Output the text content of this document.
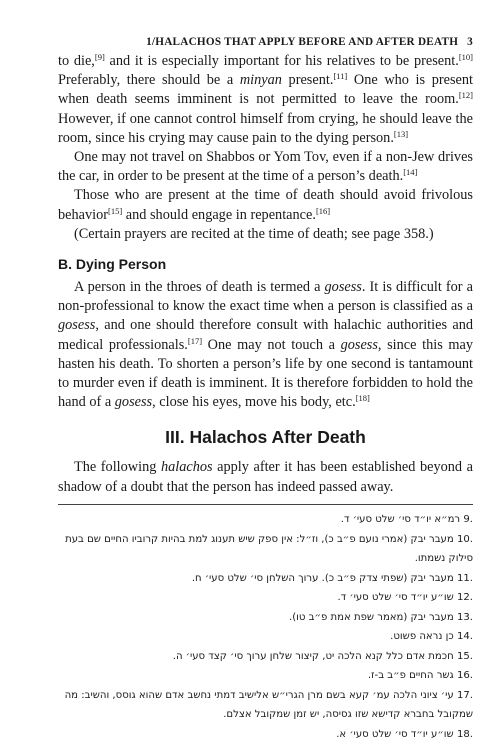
1/HALACHOS THAT APPLY BEFORE AND AFTER DEATH 3

to die,[9] and it is especially important for his relatives to be present.[10] Preferably, there should be a minyan present.[11] One who is present when death seems imminent is not permitted to leave the room.[12] However, if one cannot control himself from crying, he should leave the room, since his crying may cause pain to the dying person.[13]

One may not travel on Shabbos or Yom Tov, even if a non-Jew drives the car, in order to be present at the time of a person’s death.[14]

Those who are present at the time of death should avoid frivolous behavior[15] and should engage in repentance.[16]

(Certain prayers are recited at the time of death; see page 358.)

B. Dying Person

A person in the throes of death is termed a gosess. It is difficult for a non-professional to know the exact time when a person is classified as a gosess, and one should therefore consult with halachic authorities and medical professionals.[17] One may not touch a gosess, since this may hasten his death. To shorten a person’s life by one second is tantamount to murder even if death is imminent. It is therefore forbidden to hold the hand of a gosess, close his eyes, move his body, etc.[18]

III. Halachos After Death

The following halachos apply after it has been established beyond a shadow of a doubt that the person has indeed passed away.

9. רמ״א יו״ד סי׳ שלט סעי׳ ד.

10. מעבר יבק (אמרי נועם פ״ב כ), וז״ל: אין ספק שיש תענוג למת בהיות קרוביו החיים שם בעת סילוק נשמתו.

11. מעבר יבק (שפתי צדק פ״ב כ). ערוך השלחן סי׳ שלט סעי׳ ח.

12. שו״ע יו״ד סי׳ שלט סעי׳ ד.

13. מעבר יבק (מאמר שפת אמת פ״ב טו).

14. כן נראה פשוט.

15. חכמת אדם כלל קנא הלכה יט, קיצור שלחן ערוך סי׳ קצד סעי׳ ה.

16. גשר החיים פ״ב ב-ז.

17. עי׳ ציוני הלכה עמ׳ קעא בשם מרן הגרי״ש אלישיב דמתי נחשב אדם שהוא גוסס, והשיב: מה שמקובל בחברא קדישא שזו גסיסה, יש זמן שמקובל אצלם.

18. שו״ע יו״ד סי׳ שלט סעי׳ א.
